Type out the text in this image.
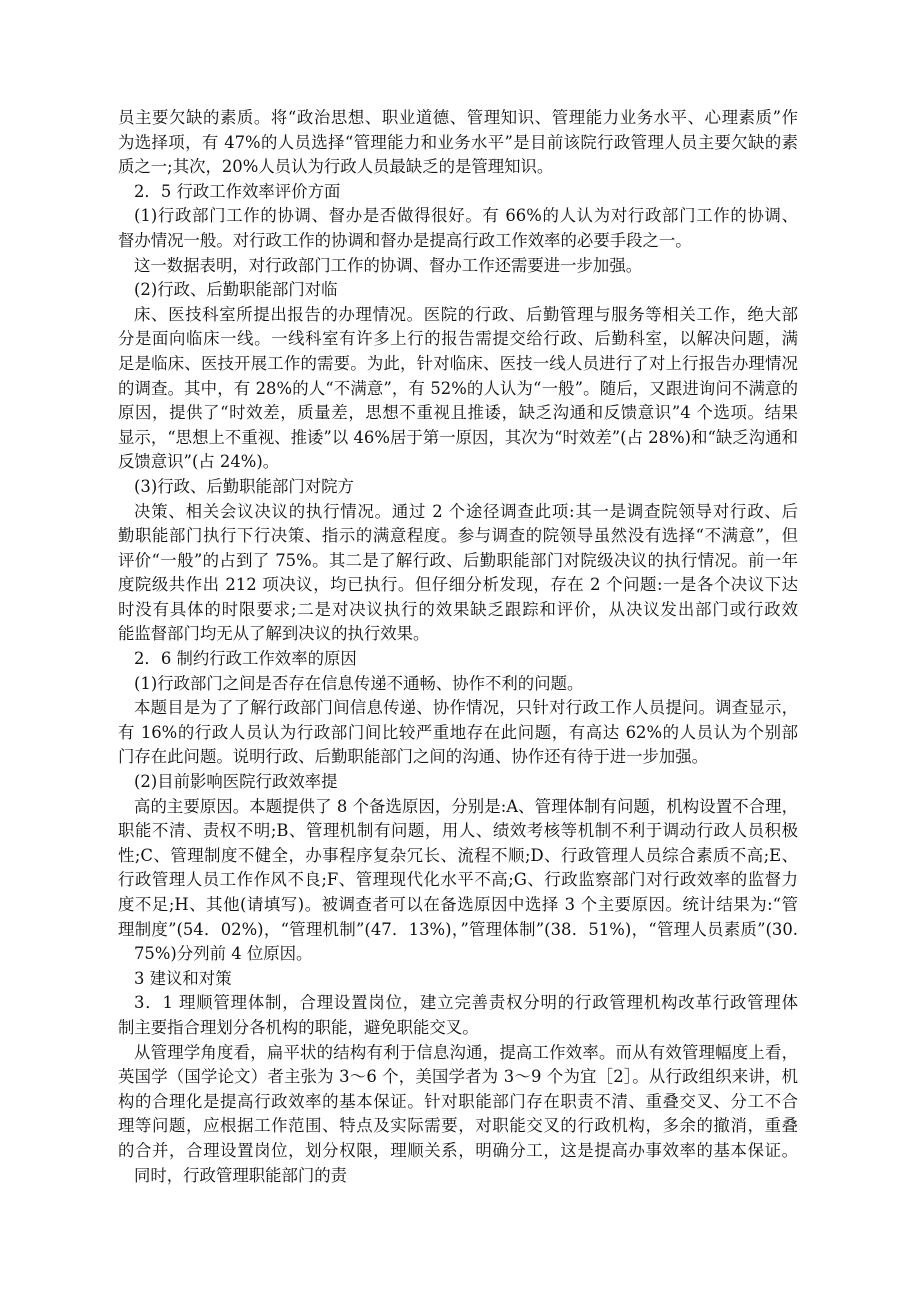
员主要欠缺的素质。将“政治思想、职业道德、管理知识、管理能力业务水平、心理素质”作
为选择项，有 47%的人员选择“管理能力和业务水平”是目前该院行政管理人员主要欠缺的素
质之一;其次，20%人员认为行政人员最缺乏的是管理知识。
2．5 行政工作效率评价方面
(1)行政部门工作的协调、督办是否做得很好。有 66%的人认为对行政部门工作的协调、
督办情况一般。对行政工作的协调和督办是提高行政工作效率的必要手段之一。
这一数据表明，对行政部门工作的协调、督办工作还需要进一步加强。
(2)行政、后勤职能部门对临
床、医技科室所提出报告的办理情况。医院的行政、后勤管理与服务等相关工作，绝大部
分是面向临床一线。一线科室有许多上行的报告需提交给行政、后勤科室，以解决问题，满
足是临床、医技开展工作的需要。为此，针对临床、医技一线人员进行了对上行报告办理情况
的调查。其中，有 28%的人“不满意”，有 52%的人认为“一般”。随后，又跟进询问不满意的
原因，提供了“时效差，质量差，思想不重视且推诿，缺乏沟通和反馈意识”4 个选项。结果
显示，“思想上不重视、推诿”以 46%居于第一原因，其次为“时效差”(占 28%)和“缺乏沟通和
反馈意识”(占 24%)。
(3)行政、后勤职能部门对院方
决策、相关会议决议的执行情况。通过 2 个途径调查此项:其一是调查院领导对行政、后
勤职能部门执行下行决策、指示的满意程度。参与调查的院领导虽然没有选择“不满意”，但
评价“一般”的占到了 75%。其二是了解行政、后勤职能部门对院级决议的执行情况。前一年
度院级共作出 212 项决议，均已执行。但仔细分析发现，存在 2 个问题:一是各个决议下达
时没有具体的时限要求;二是对决议执行的效果缺乏跟踪和评价，从决议发出部门或行政效
能监督部门均无从了解到决议的执行效果。
2．6 制约行政工作效率的原因
(1)行政部门之间是否存在信息传递不通畅、协作不利的问题。
本题目是为了了解行政部门间信息传递、协作情况，只针对行政工作人员提问。调查显示，
有 16%的行政人员认为行政部门间比较严重地存在此问题，有高达 62%的人员认为个别部
门存在此问题。说明行政、后勤职能部门之间的沟通、协作还有待于进一步加强。
(2)目前影响医院行政效率提
高的主要原因。本题提供了 8 个备选原因，分别是:A、管理体制有问题，机构设置不合理，
职能不清、责权不明;B、管理机制有问题，用人、绩效考核等机制不利于调动行政人员积极
性;C、管理制度不健全，办事程序复杂冗长、流程不顺;D、行政管理人员综合素质不高;E、
行政管理人员工作作风不良;F、管理现代化水平不高;G、行政监察部门对行政效率的监督力
度不足;H、其他(请填写)。被调查者可以在备选原因中选择 3 个主要原因。统计结果为:“管
理制度”(54．02%)，“管理机制”(47．13%)，”管理体制”(38．51%)，“管理人员素质”(30.
75%)分列前 4 位原因。
3 建议和对策
3．1 理顺管理体制，合理设置岗位，建立完善责权分明的行政管理机构改革行政管理体
制主要指合理划分各机构的职能，避免职能交叉。
从管理学角度看，扁平状的结构有利于信息沟通，提高工作效率。而从有效管理幅度上看，
英国学（国学论文）者主张为 3～6 个，美国学者为 3～9 个为宜［2］。从行政组织来讲，机
构的合理化是提高行政效率的基本保证。针对职能部门存在职责不清、重叠交叉、分工不合
理等问题，应根据工作范围、特点及实际需要，对职能交叉的行政机构，多余的撤消，重叠
的合并，合理设置岗位，划分权限，理顺关系，明确分工，这是提高办事效率的基本保证。
同时，行政管理职能部门的责
